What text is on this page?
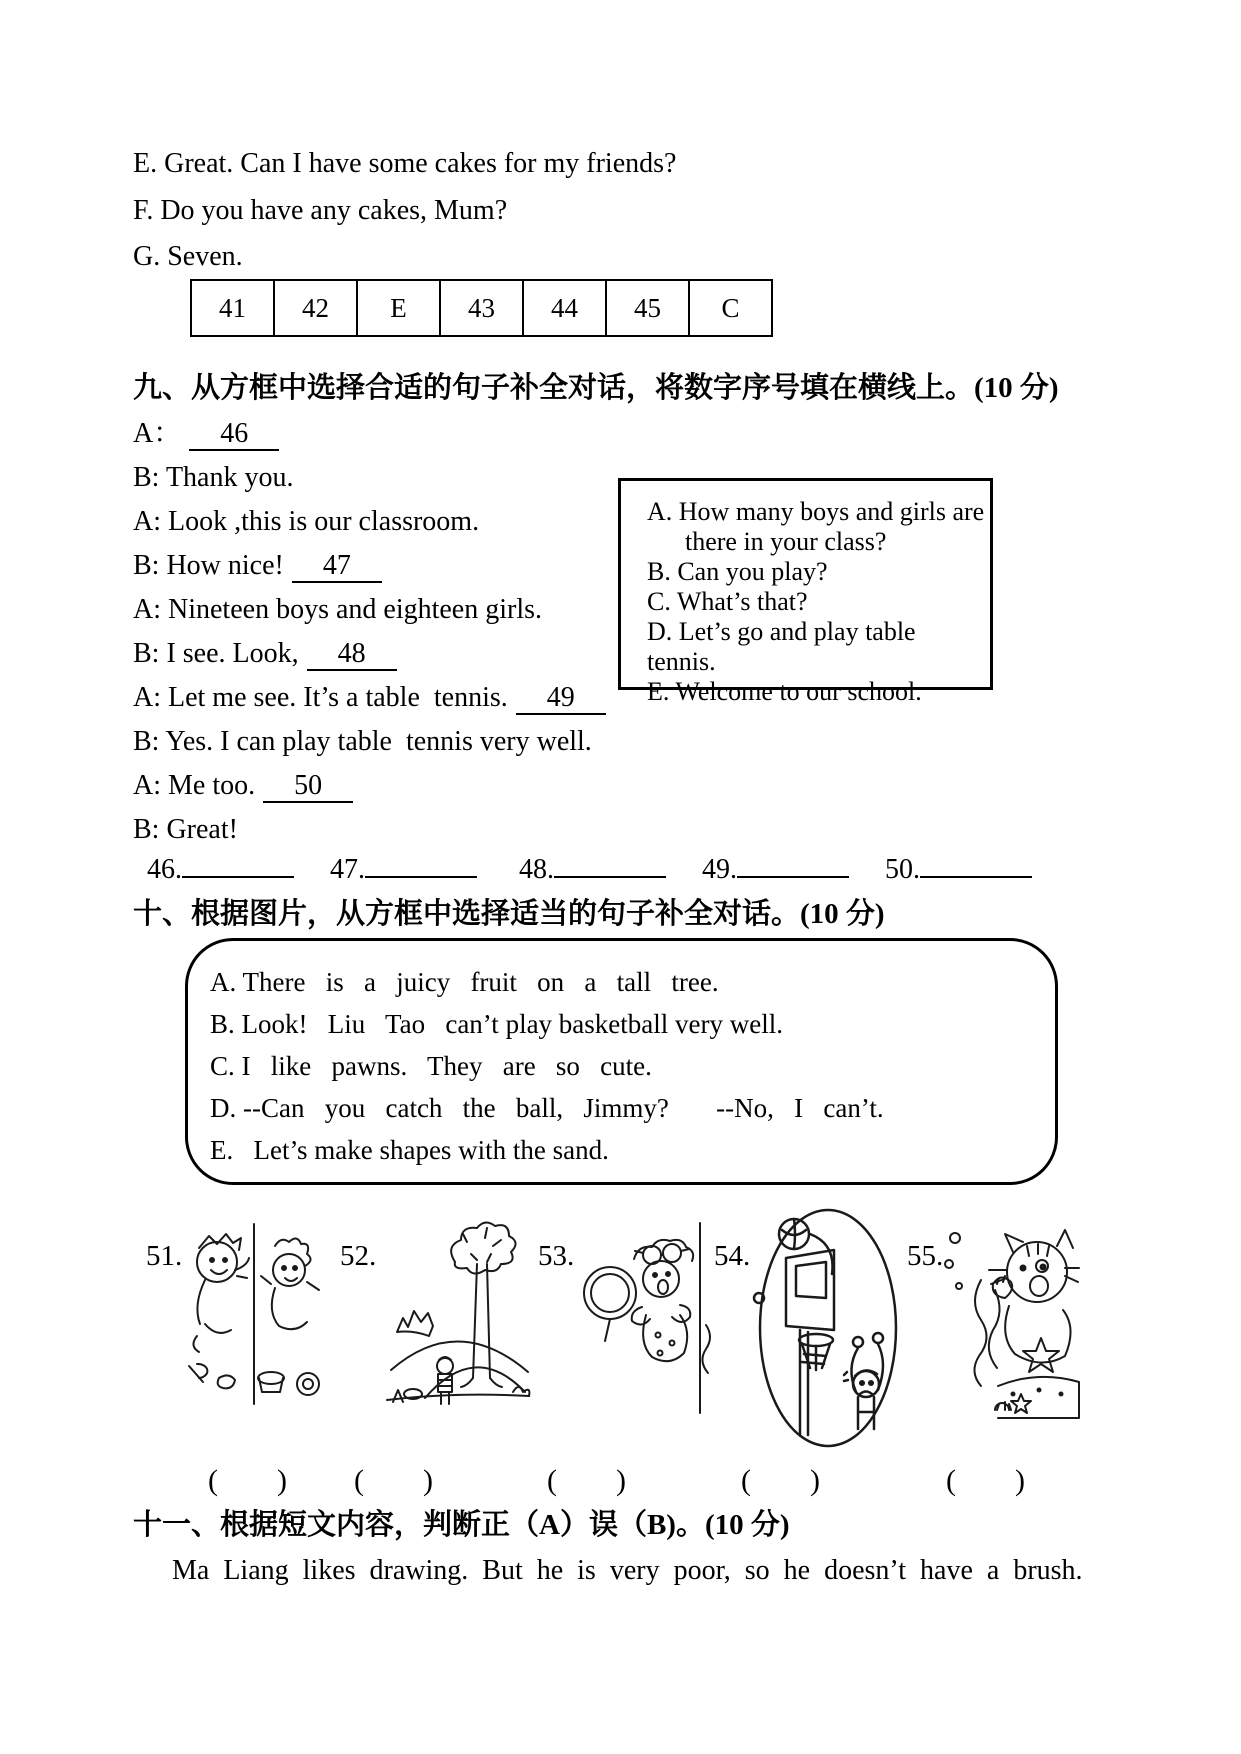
E. Great. Can I have some cakes for my friends?
F. Do you have any cakes, Mum?
G. Seven.
41	42	E	43	44	45	C
九、从方框中选择合适的句子补全对话，将数字序号填在横线上。(10 分)
A： 46
B: Thank you.
A: Look ,this is our classroom.
B: How nice! 47
A: Nineteen boys and eighteen girls.
B: I see. Look, 48
A: Let me see. It’s a table  tennis. 49
B: Yes. I can play table  tennis very well.
A: Me too. 50
B: Great!
A. How many boys and girls are
there in your class?
B. Can you play?
C. What’s that?
D. Let’s go and play table  tennis.
E. Welcome to our school.
46.	47.	48.	49.	50.
十、根据图片，从方框中选择适当的句子补全对话。(10 分)
A. There   is   a   juicy   fruit   on   a   tall   tree.
B. Look!   Liu   Tao   can’t play basketball very well.
C. I   like   pawns.   They   are   so   cute.
D. --Can   you   catch   the   ball,   Jimmy?       --No,   I   can’t.
E.   Let’s make shapes with the sand.
51.	52.	53.	54.	55.
(      ) (      )	(      )	(      )	(      )
十一、根据短文内容，判断正（A）误（B)。(10 分)
Ma  Liang  likes  drawing.  But  he  is  very  poor,  so  he  doesn’t  have  a  brush.
